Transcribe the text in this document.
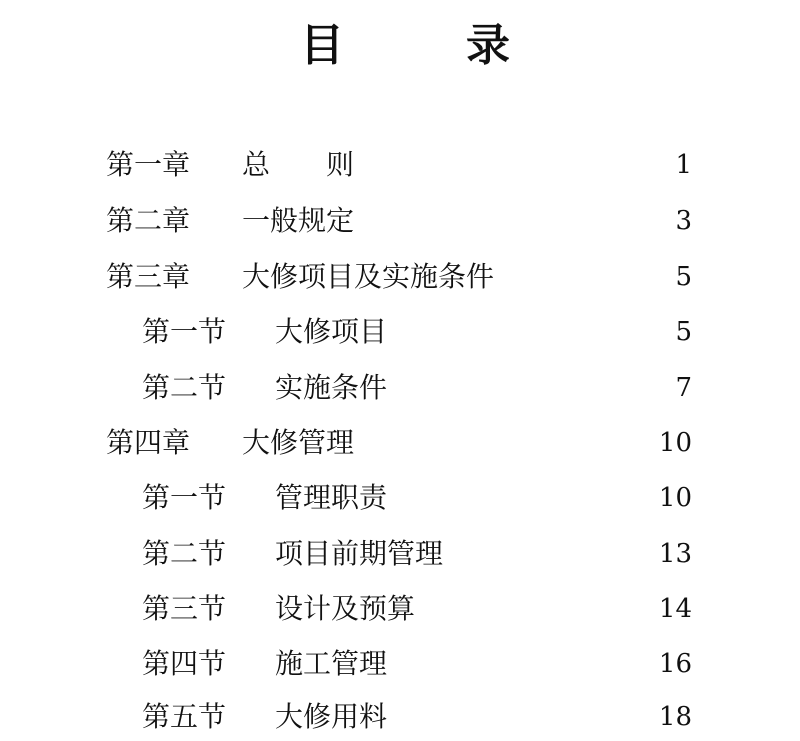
目	录
第一章	总　　则	1
第二章	一般规定	3
第三章	大修项目及实施条件	5
第一节	大修项目	5
第二节	实施条件	7
第四章	大修管理	10
第一节	管理职责	10
第二节	项目前期管理	13
第三节	设计及预算	14
第四节	施工管理	16
第五节	大修用料	18
